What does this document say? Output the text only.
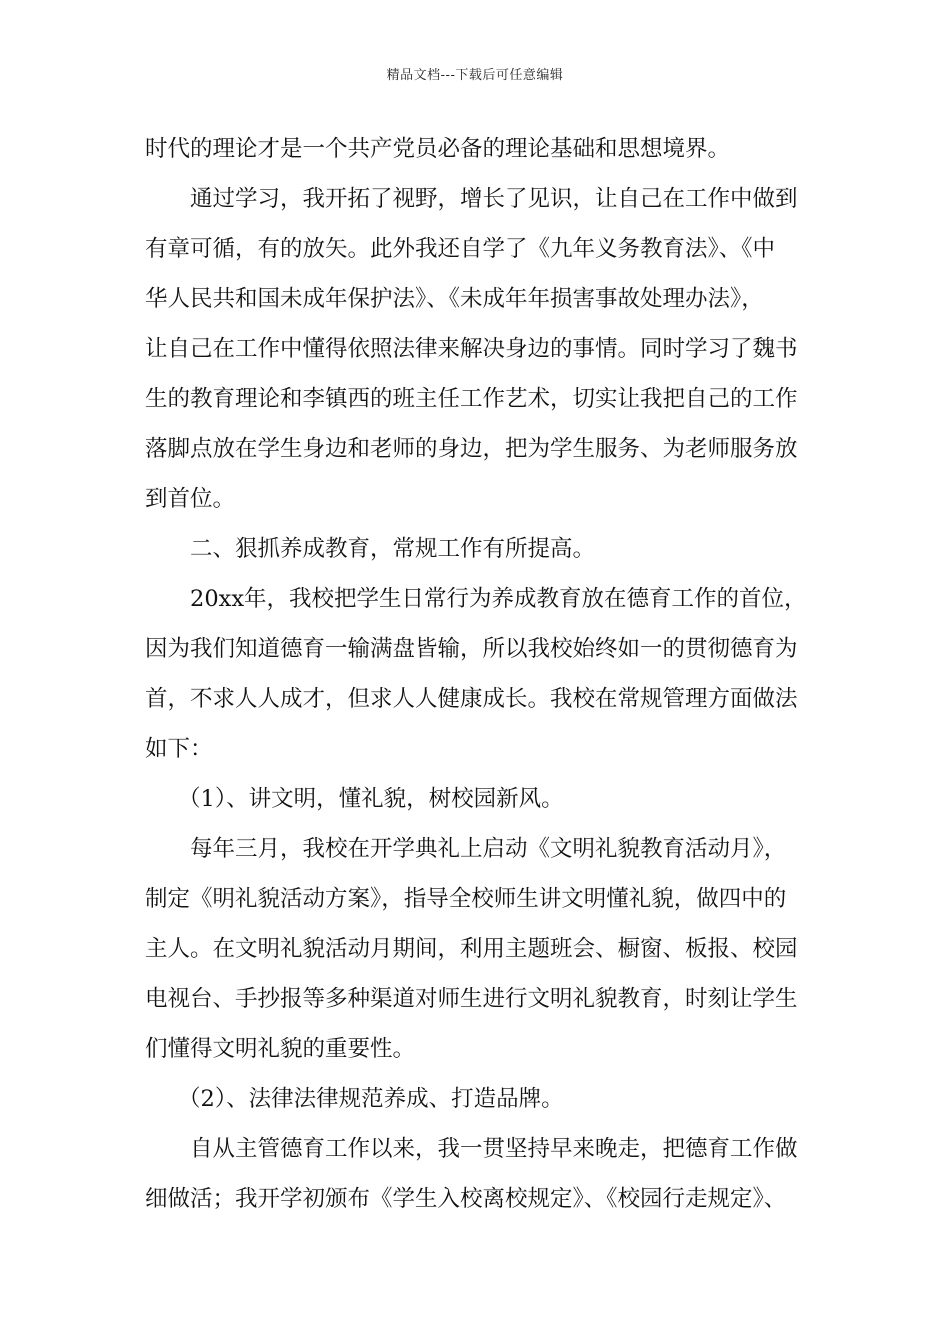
精品文档---下载后可任意编辑
时代的理论才是一个共产党员必备的理论基础和思想境界。
通过学习，我开拓了视野，增长了见识，让自己在工作中做到
有章可循，有的放矢。此外我还自学了《九年义务教育法》、《中
华人民共和国未成年保护法》、《未成年年损害事故处理办法》，
让自己在工作中懂得依照法律来解决身边的事情。同时学习了魏书
生的教育理论和李镇西的班主任工作艺术，切实让我把自己的工作
落脚点放在学生身边和老师的身边，把为学生服务、为老师服务放
到首位。
二、狠抓养成教育，常规工作有所提高。
20xx年，我校把学生日常行为养成教育放在德育工作的首位，
因为我们知道德育一输满盘皆输，所以我校始终如一的贯彻德育为
首，不求人人成才，但求人人健康成长。我校在常规管理方面做法
如下：
（1）、讲文明，懂礼貌，树校园新风。
每年三月，我校在开学典礼上启动《文明礼貌教育活动月》，
制定《明礼貌活动方案》，指导全校师生讲文明懂礼貌，做四中的
主人。在文明礼貌活动月期间，利用主题班会、橱窗、板报、校园
电视台、手抄报等多种渠道对师生进行文明礼貌教育，时刻让学生
们懂得文明礼貌的重要性。
（2）、法律法律规范养成、打造品牌。
自从主管德育工作以来，我一贯坚持早来晚走，把德育工作做
细做活；我开学初颁布《学生入校离校规定》、《校园行走规定》、
